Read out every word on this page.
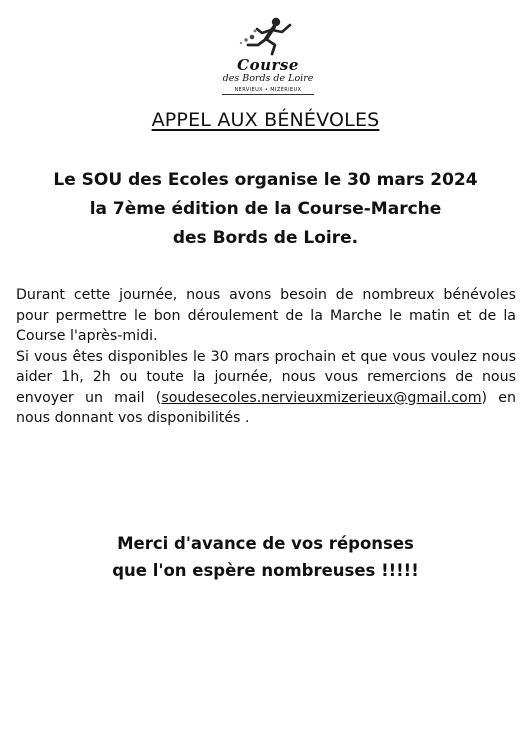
Course
des Bords de Loire
NERVIEUX • MIZERIEUX
APPEL AUX BÉNÉVOLES
Le SOU des Ecoles organise le 30 mars 2024
la 7ème édition de la Course-Marche
des Bords de Loire.

Durant cette journée, nous avons besoin de nombreux bénévoles pour permettre le bon déroulement de la Marche le matin et de la Course l'après-midi.

Si vous êtes disponibles le 30 mars prochain et que vous voulez nous aider 1h, 2h ou toute la journée, nous vous remercions de nous envoyer un mail (soudesecoles.nervieuxmizerieux@gmail.com) en nous donnant vos disponibilités .

Merci d'avance de vos réponses
que l'on espère nombreuses !!!!!
